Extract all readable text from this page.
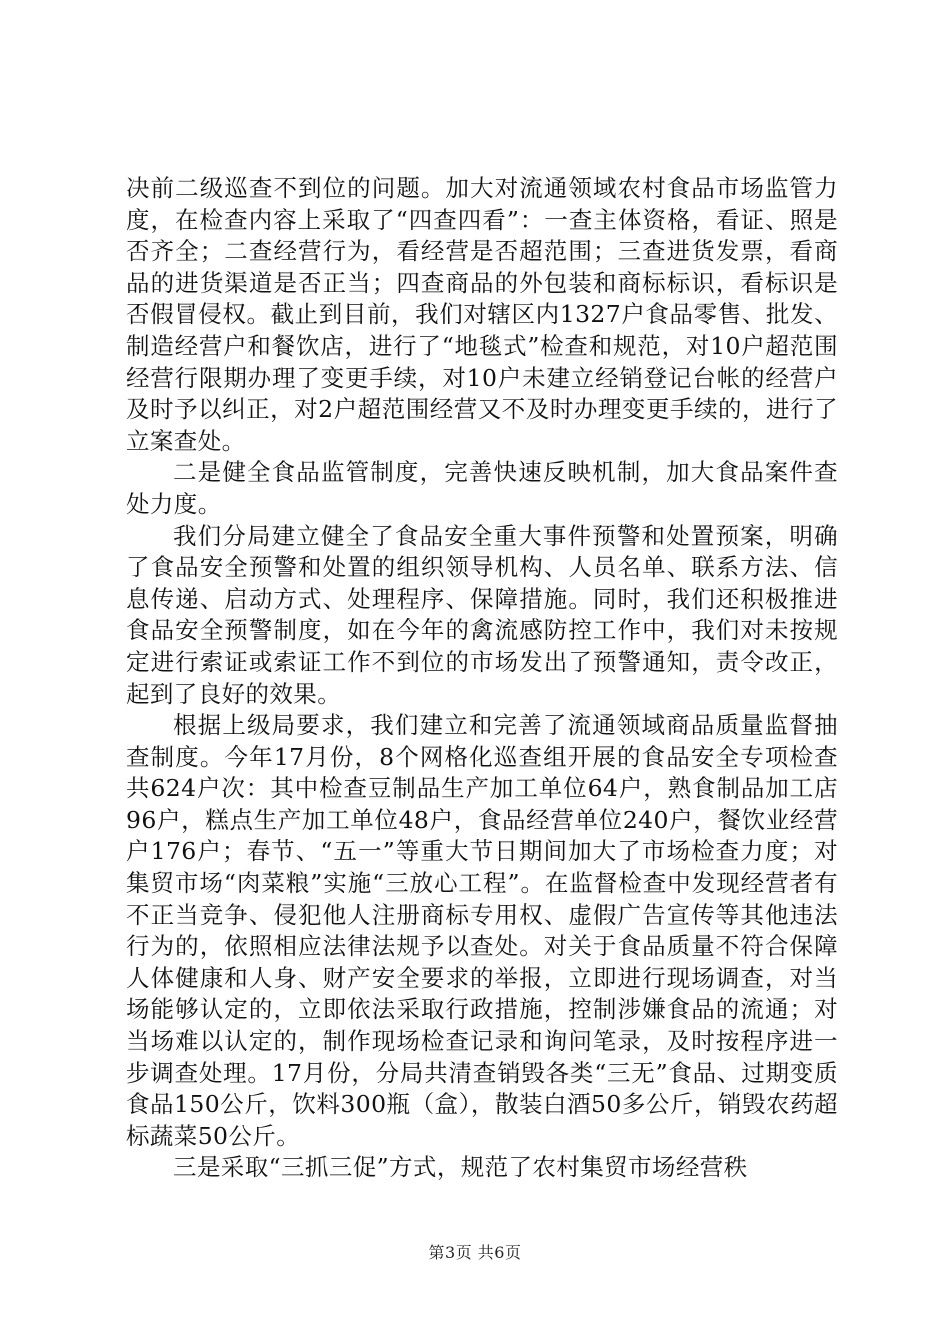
决前二级巡查不到位的问题。加大对流通领域农村食品市场监管力度，在检查内容上采取了“四查四看”：一查主体资格，看证、照是否齐全；二查经营行为，看经营是否超范围；三查进货发票，看商品的进货渠道是否正当；四查商品的外包装和商标标识，看标识是否假冒侵权。截止到目前，我们对辖区内1327户食品零售、批发、制造经营户和餐饮店，进行了“地毯式”检查和规范，对10户超范围经营行限期办理了变更手续，对10户未建立经销登记台帐的经营户及时予以纠正，对2户超范围经营又不及时办理变更手续的，进行了立案查处。

二是健全食品监管制度，完善快速反映机制，加大食品案件查处力度。

我们分局建立健全了食品安全重大事件预警和处置预案，明确了食品安全预警和处置的组织领导机构、人员名单、联系方法、信息传递、启动方式、处理程序、保障措施。同时，我们还积极推进食品安全预警制度，如在今年的禽流感防控工作中，我们对未按规定进行索证或索证工作不到位的市场发出了预警通知，责令改正，起到了良好的效果。

根据上级局要求，我们建立和完善了流通领域商品质量监督抽查制度。今年17月份，8个网格化巡查组开展的食品安全专项检查共624户次：其中检查豆制品生产加工单位64户，熟食制品加工店96户，糕点生产加工单位48户，食品经营单位240户，餐饮业经营户176户；春节、“五一”等重大节日期间加大了市场检查力度；对集贸市场“肉菜粮”实施“三放心工程”。在监督检查中发现经营者有不正当竞争、侵犯他人注册商标专用权、虚假广告宣传等其他违法行为的，依照相应法律法规予以查处。对关于食品质量不符合保障人体健康和人身、财产安全要求的举报，立即进行现场调查，对当场能够认定的，立即依法采取行政措施，控制涉嫌食品的流通；对当场难以认定的，制作现场检查记录和询问笔录，及时按程序进一步调查处理。17月份，分局共清查销毁各类“三无”食品、过期变质食品150公斤，饮料300瓶（盒），散装白酒50多公斤，销毁农药超标蔬菜50公斤。

三是采取“三抓三促”方式，规范了农村集贸市场经营秩

第3页 共6页
